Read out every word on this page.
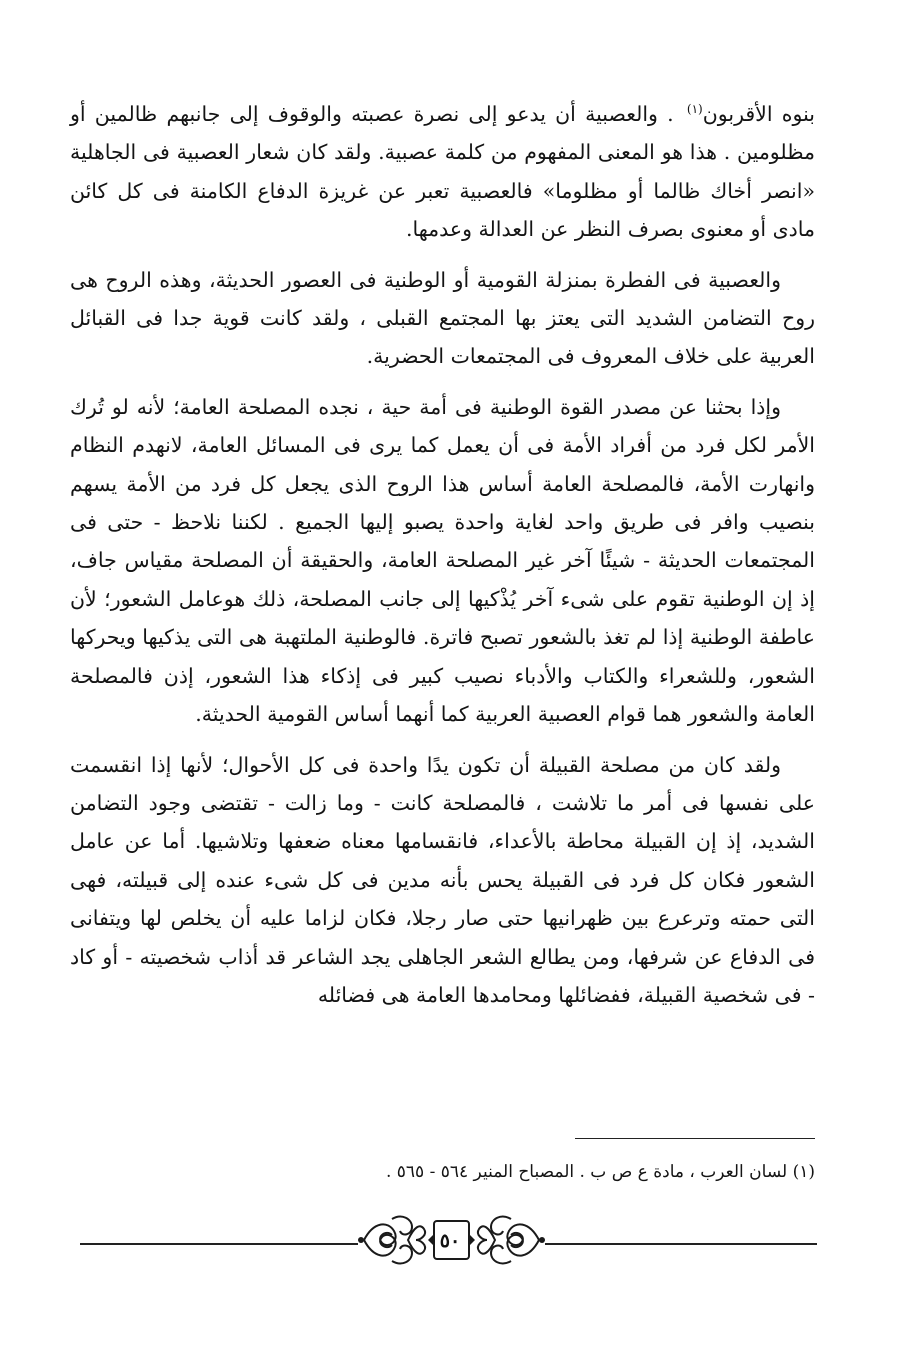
بنوه الأقربون$^{(١)}$ . والعصبية أن يدعو إلى نصرة عصبته والوقوف إلى جانبهم ظالمين أو مظلومين . هذا هو المعنى المفهوم من كلمة عصبية. ولقد كان شعار العصبية فى الجاهلية «انصر أخاك ظالما أو مظلوما» فالعصبية تعبر عن غريزة الدفاع الكامنة فى كل كائن مادى أو معنوى بصرف النظر عن العدالة وعدمها.

والعصبية فى الفطرة بمنزلة القومية أو الوطنية فى العصور الحديثة، وهذه الروح هى روح التضامن الشديد التى يعتز بها المجتمع القبلى ، ولقد كانت قوية جدا فى القبائل العربية على خلاف المعروف فى المجتمعات الحضرية.

وإذا بحثنا عن مصدر القوة الوطنية فى أمة حية ، نجده المصلحة العامة؛ لأنه لو تُرك الأمر لكل فرد من أفراد الأمة فى أن يعمل كما يرى فى المسائل العامة، لانهدم النظام وانهارت الأمة، فالمصلحة العامة أساس هذا الروح الذى يجعل كل فرد من الأمة يسهم بنصيب وافر فى طريق واحد لغاية واحدة يصبو إليها الجميع . لكننا نلاحظ - حتى فى المجتمعات الحديثة - شيئًا آخر غير المصلحة العامة، والحقيقة أن المصلحة مقياس جاف، إذ إن الوطنية تقوم على شىء آخر يُذْكيها إلى جانب المصلحة، ذلك هوعامل الشعور؛ لأن عاطفة الوطنية إذا لم تغذ بالشعور تصبح فاترة. فالوطنية الملتهبة هى التى يذكيها ويحركها الشعور، وللشعراء والكتاب والأدباء نصيب كبير فى إذكاء هذا الشعور، إذن فالمصلحة العامة والشعور هما قوام العصبية العربية كما أنهما أساس القومية الحديثة.

ولقد كان من مصلحة القبيلة أن تكون يدًا واحدة فى كل الأحوال؛ لأنها إذا انقسمت على نفسها فى أمر ما تلاشت ، فالمصلحة كانت - وما زالت - تقتضى وجود التضامن الشديد، إذ إن القبيلة محاطة بالأعداء، فانقسامها معناه ضعفها وتلاشيها. أما عن عامل الشعور فكان كل فرد فى القبيلة يحس بأنه مدين فى كل شىء عنده إلى قبيلته، فهى التى حمته وترعرع بين ظهرانيها حتى صار رجلا، فكان لزاما عليه أن يخلص لها ويتفانى فى الدفاع عن شرفها، ومن يطالع الشعر الجاهلى يجد الشاعر قد أذاب شخصيته - أو كاد - فى شخصية القبيلة، ففضائلها ومحامدها العامة هى فضائله

(١) لسان العرب ، مادة ع ص ب . المصباح المنير ٥٦٤ - ٥٦٥ .
٥٠
